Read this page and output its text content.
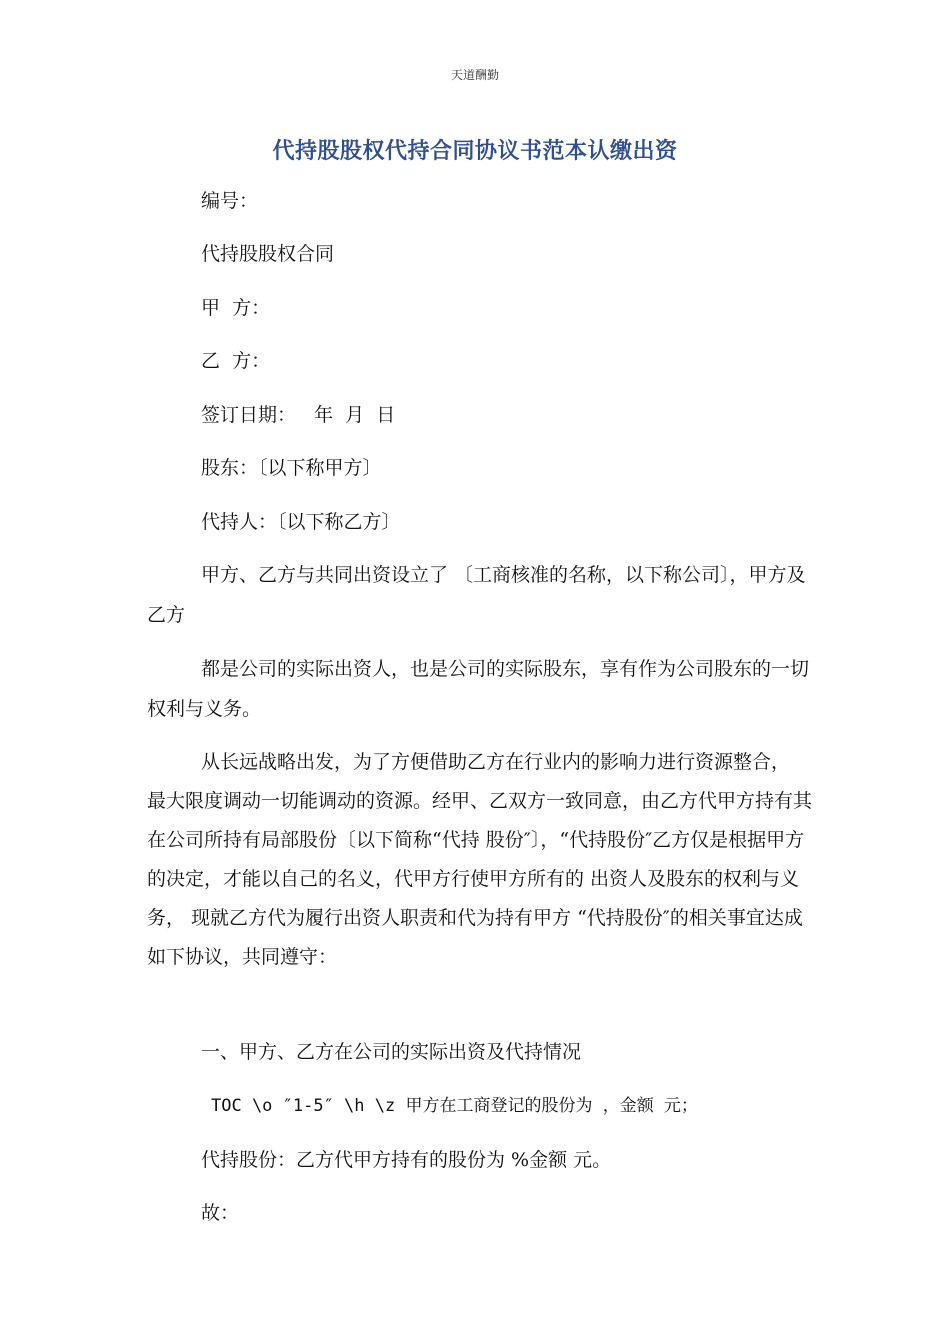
天道酬勤
代持股股权代持合同协议书范本认缴出资
编号：
代持股股权合同
甲  方：
乙  方：
签订日期：   年  月  日
股东：〔以下称甲方〕
代持人：〔以下称乙方〕
甲方、乙方与共同出资设立了 〔工商核准的名称，以下称公司〕，甲方及乙方
都是公司的实际出资人，也是公司的实际股东，享有作为公司股东的一切权利与义务。
从长远战略出发，为了方便借助乙方在行业内的影响力进行资源整合， 最大限度调动一切能调动的资源。经甲、乙双方一致同意，由乙方代甲方持有其在公司所持有局部股份〔以下简称“代持 股份″〕，“代持股份″乙方仅是根据甲方的决定，才能以自己的名义，代甲方行使甲方所有的 出资人及股东的权利与义务， 现就乙方代为履行出资人职责和代为持有甲方 “代持股份″的相关事宜达成如下协议，共同遵守：
一、甲方、乙方在公司的实际出资及代持情况
TOC \o ″1-5″ \h \z 甲方在工商登记的股份为 ，金额 元；
代持股份：乙方代甲方持有的股份为 %金额 元。
故：
